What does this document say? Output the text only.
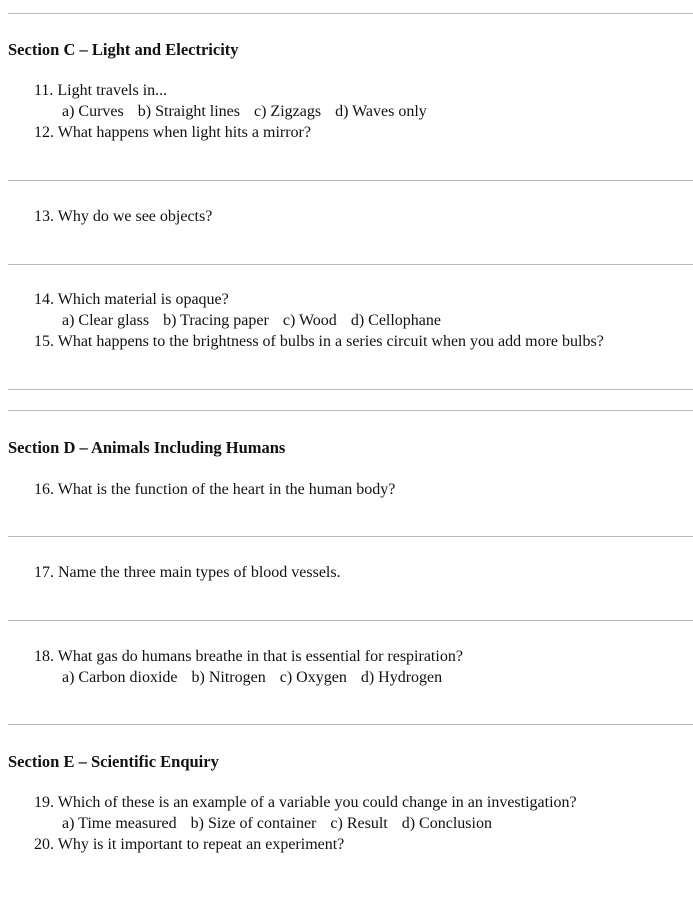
Section C – Light and Electricity
11. Light travels in...
a) Curves b) Straight lines c) Zigzags d) Waves only
12. What happens when light hits a mirror?
13. Why do we see objects?
14. Which material is opaque?
a) Clear glass b) Tracing paper c) Wood d) Cellophane
15. What happens to the brightness of bulbs in a series circuit when you add more bulbs?
Section D – Animals Including Humans
16. What is the function of the heart in the human body?
17. Name the three main types of blood vessels.
18. What gas do humans breathe in that is essential for respiration?
a) Carbon dioxide b) Nitrogen c) Oxygen d) Hydrogen
Section E – Scientific Enquiry
19. Which of these is an example of a variable you could change in an investigation?
a) Time measured b) Size of container c) Result d) Conclusion
20. Why is it important to repeat an experiment?
